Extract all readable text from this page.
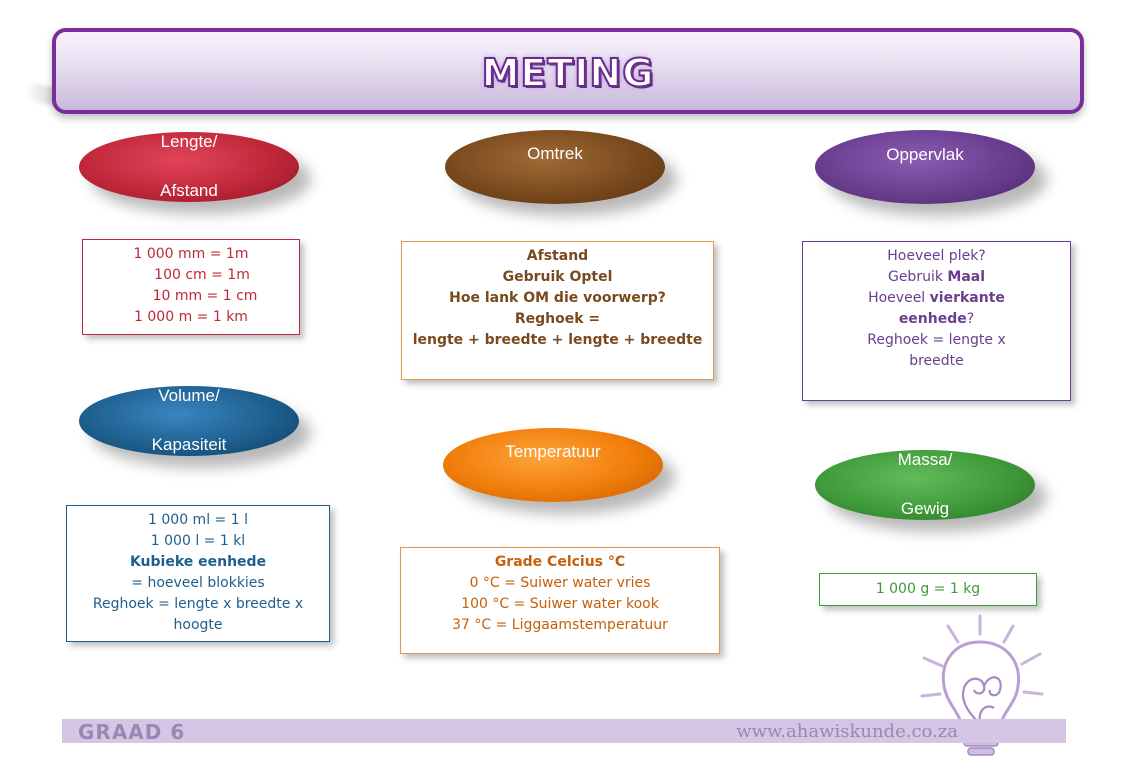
METING

Lengte/

Afstand

1 000 mm = 1m
100 cm = 1m
10 mm = 1 cm
1 000 m = 1 km
Omtrek
Afstand
Gebruik Optel
Hoe lank OM die voorwerp?
Reghoek =
lengte + breedte + lengte + breedte
Oppervlak
Hoeveel plek?
Gebruik Maal
Hoeveel vierkante
eenhede?
Reghoek = lengte x
breedte

Volume/

Kapasiteit

1 000 ml = 1 l
1 000 l = 1 kl
Kubieke eenhede
= hoeveel blokkies
Reghoek = lengte x breedte x
hoogte
Temperatuur
Grade Celcius °C
0 °C = Suiwer water vries
100 °C = Suiwer water kook
37 °C = Liggaamstemperatuur

Massa/

Gewig

1 000 g = 1 kg
GRAAD 6	www.ahawiskunde.co.za
